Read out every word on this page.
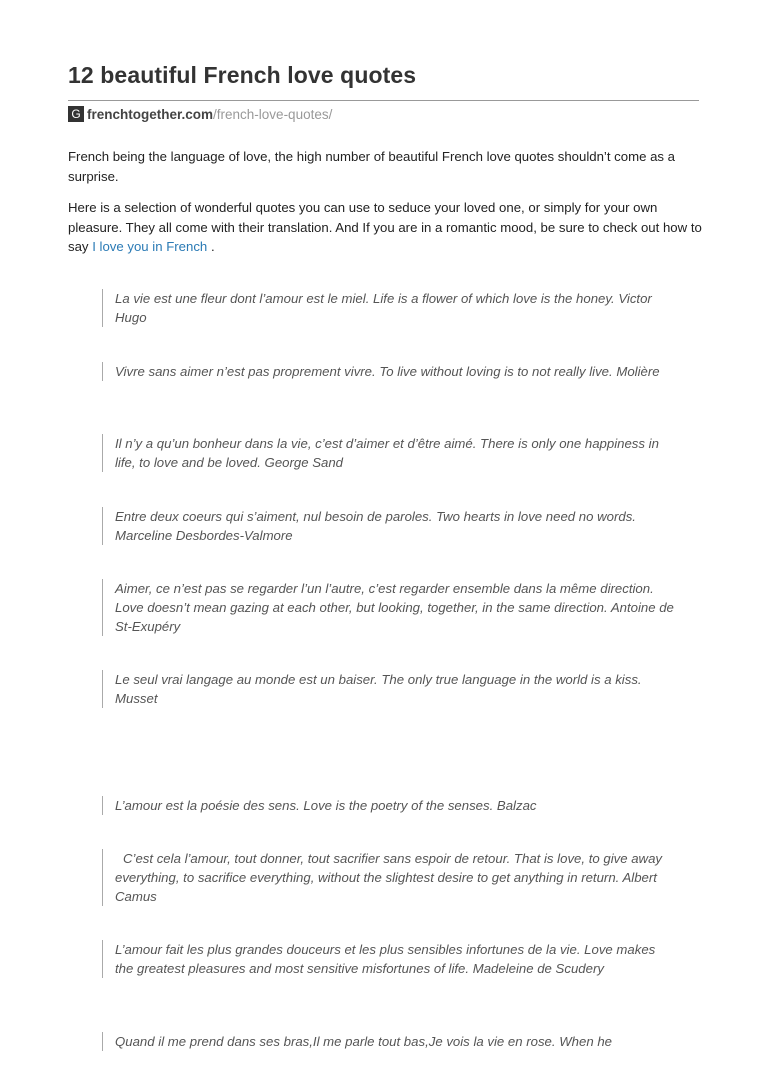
12 beautiful French love quotes
G frenchtogether.com/french-love-quotes/
French being the language of love, the high number of beautiful French love quotes shouldn’t come as a surprise.
Here is a selection of wonderful quotes you can use to seduce your loved one, or simply for your own pleasure. They all come with their translation. And If you are in a romantic mood, be sure to check out how to say I love you in French .
La vie est une fleur dont l’amour est le miel. Life is a flower of which love is the honey. Victor Hugo
Vivre sans aimer n’est pas proprement vivre. To live without loving is to not really live. Molière
Il n’y a qu’un bonheur dans la vie, c’est d’aimer et d’être aimé. There is only one happiness in life, to love and be loved. George Sand
Entre deux coeurs qui s’aiment, nul besoin de paroles. Two hearts in love need no words. Marceline Desbordes-Valmore
Aimer, ce n’est pas se regarder l’un l’autre, c’est regarder ensemble dans la même direction. Love doesn’t mean gazing at each other, but looking, together, in the same direction. Antoine de St-Exupéry
Le seul vrai langage au monde est un baiser. The only true language in the world is a kiss. Musset
L’amour est la poésie des sens. Love is the poetry of the senses. Balzac
C’est cela l’amour, tout donner, tout sacrifier sans espoir de retour. That is love, to give away everything, to sacrifice everything, without the slightest desire to get anything in return. Albert Camus
L’amour fait les plus grandes douceurs et les plus sensibles infortunes de la vie. Love makes the greatest pleasures and most sensitive misfortunes of life. Madeleine de Scudery
Quand il me prend dans ses bras,Il me parle tout bas,Je vois la vie en rose. When he
